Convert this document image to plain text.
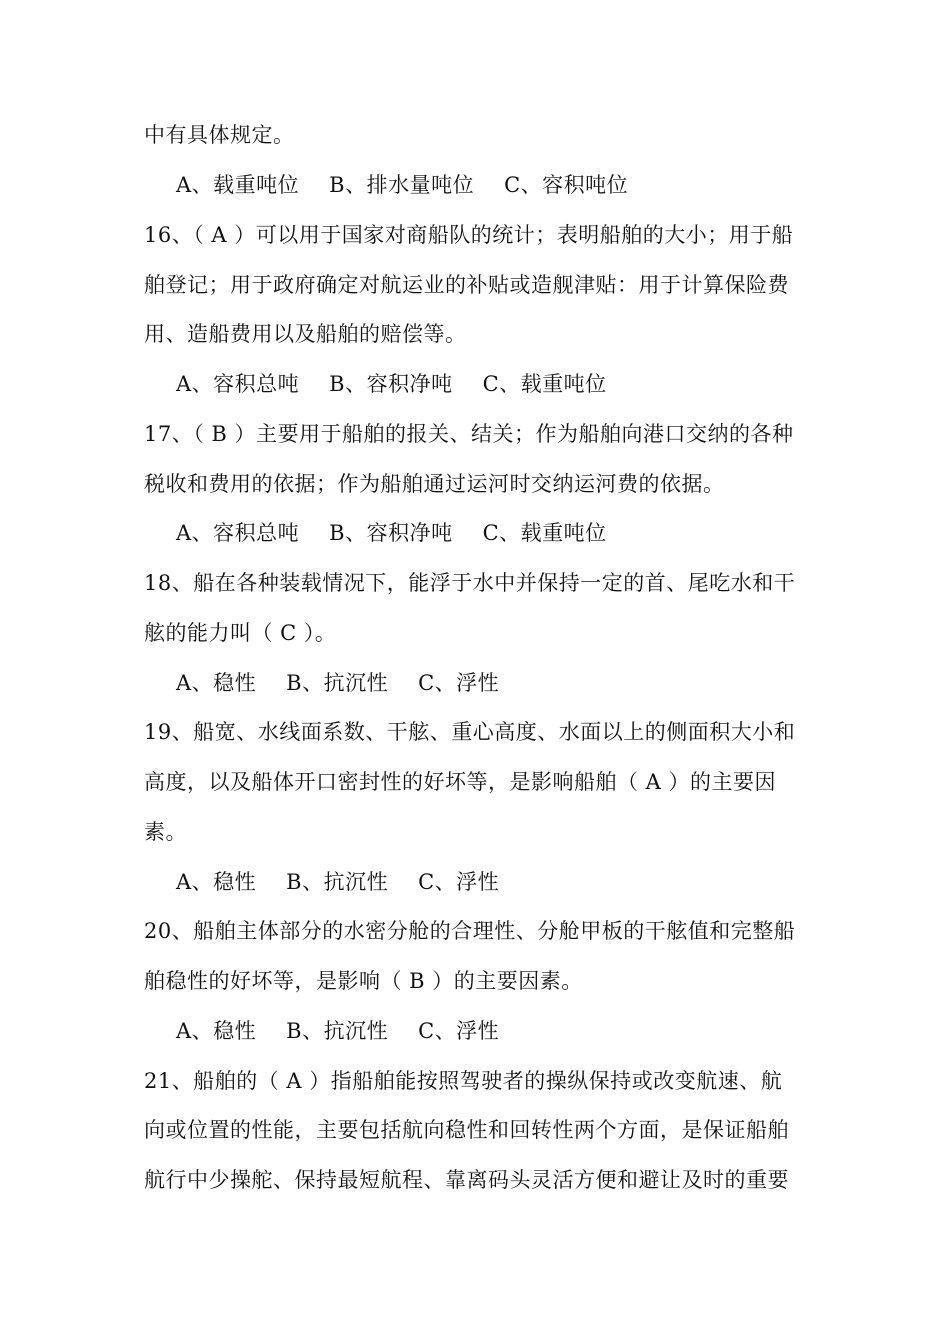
中有具体规定。
A、载重吨位 B、排水量吨位 C、容积吨位
16、（ A ）可以用于国家对商船队的统计；表明船舶的大小；用于船
舶登记；用于政府确定对航运业的补贴或造舰津贴：用于计算保险费
用、造船费用以及船舶的赔偿等。
A、容积总吨 B、容积净吨 C、载重吨位
17、（ B ）主要用于船舶的报关、结关；作为船舶向港口交纳的各种
税收和费用的依据；作为船舶通过运河时交纳运河费的依据。
A、容积总吨 B、容积净吨 C、载重吨位
18、船在各种装载情况下，能浮于水中并保持一定的首、尾吃水和干
舷的能力叫（ C ）。
A、稳性 B、抗沉性 C、浮性
19、船宽、水线面系数、干舷、重心高度、水面以上的侧面积大小和
高度，以及船体开口密封性的好坏等，是影响船舶（ A ）的主要因
素。
A、稳性 B、抗沉性 C、浮性
20、船舶主体部分的水密分舱的合理性、分舱甲板的干舷值和完整船
舶稳性的好坏等，是影响（ B ）的主要因素。
A、稳性 B、抗沉性 C、浮性
21、船舶的（ A ）指船舶能按照驾驶者的操纵保持或改变航速、航
向或位置的性能，主要包括航向稳性和回转性两个方面，是保证船舶
航行中少操舵、保持最短航程、靠离码头灵活方便和避让及时的重要
